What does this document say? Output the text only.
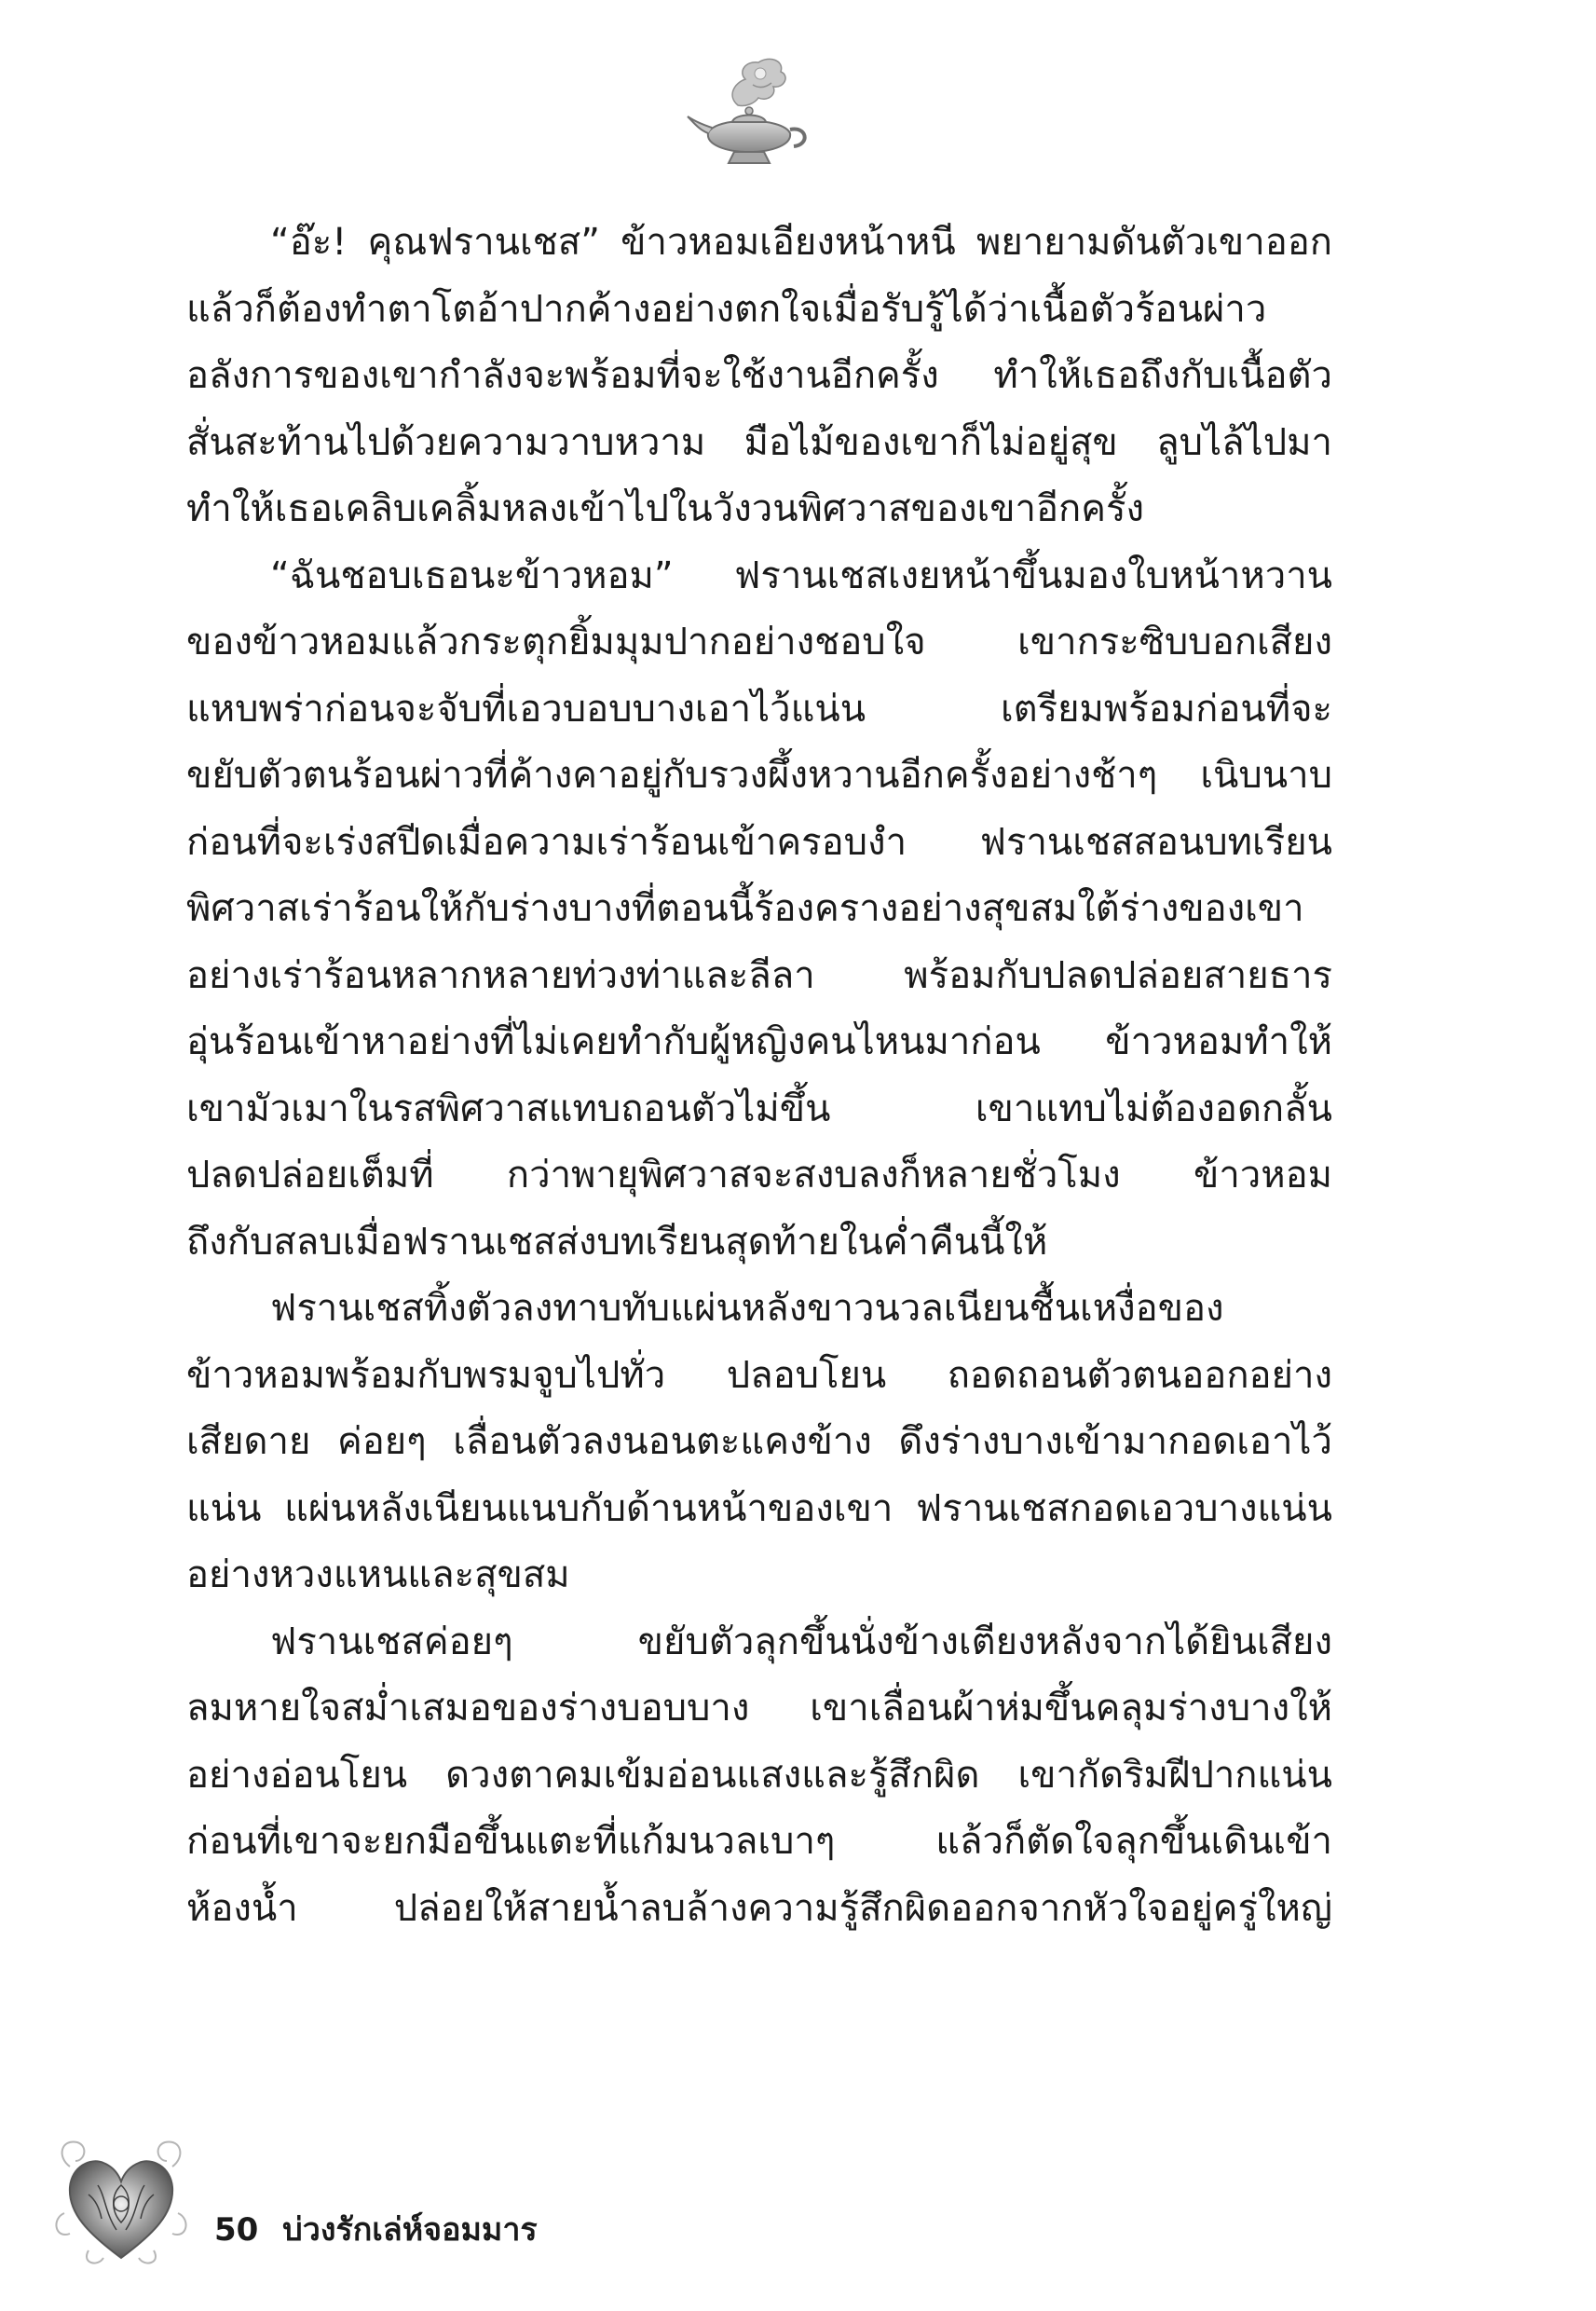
“อ๊ะ! คุณฟรานเชส” ข้าวหอมเอียงหน้าหนี พยายามดันตัวเขาออก
แล้วก็ต้องทำตาโตอ้าปากค้างอย่างตกใจเมื่อรับรู้ได้ว่าเนื้อตัวร้อนผ่าว
อลังการของเขากำลังจะพร้อมที่จะใช้งานอีกครั้ง ทำให้เธอถึงกับเนื้อตัว
สั่นสะท้านไปด้วยความวาบหวาม มือไม้ของเขาก็ไม่อยู่สุข ลูบไล้ไปมา
ทำให้เธอเคลิบเคลิ้มหลงเข้าไปในวังวนพิศวาสของเขาอีกครั้ง
“ฉันชอบเธอนะข้าวหอม” ฟรานเชสเงยหน้าขึ้นมองใบหน้าหวาน
ของข้าวหอมแล้วกระตุกยิ้มมุมปากอย่างชอบใจ เขากระซิบบอกเสียง
แหบพร่าก่อนจะจับที่เอวบอบบางเอาไว้แน่น เตรียมพร้อมก่อนที่จะ
ขยับตัวตนร้อนผ่าวที่ค้างคาอยู่กับรวงผึ้งหวานอีกครั้งอย่างช้าๆ เนิบนาบ
ก่อนที่จะเร่งสปีดเมื่อความเร่าร้อนเข้าครอบงำ ฟรานเชสสอนบทเรียน
พิศวาสเร่าร้อนให้กับร่างบางที่ตอนนี้ร้องครางอย่างสุขสมใต้ร่างของเขา
อย่างเร่าร้อนหลากหลายท่วงท่าและลีลา พร้อมกับปลดปล่อยสายธาร
อุ่นร้อนเข้าหาอย่างที่ไม่เคยทำกับผู้หญิงคนไหนมาก่อน ข้าวหอมทำให้
เขามัวเมาในรสพิศวาสแทบถอนตัวไม่ขึ้น เขาแทบไม่ต้องอดกลั้น
ปลดปล่อยเต็มที่ กว่าพายุพิศวาสจะสงบลงก็หลายชั่วโมง ข้าวหอม
ถึงกับสลบเมื่อฟรานเชสส่งบทเรียนสุดท้ายในค่ำคืนนี้ให้
ฟรานเชสทิ้งตัวลงทาบทับแผ่นหลังขาวนวลเนียนชื้นเหงื่อของ
ข้าวหอมพร้อมกับพรมจูบไปทั่ว ปลอบโยน ถอดถอนตัวตนออกอย่าง
เสียดาย ค่อยๆ เลื่อนตัวลงนอนตะแคงข้าง ดึงร่างบางเข้ามากอดเอาไว้
แน่น แผ่นหลังเนียนแนบกับด้านหน้าของเขา ฟรานเชสกอดเอวบางแน่น
อย่างหวงแหนและสุขสม
ฟรานเชสค่อยๆ ขยับตัวลุกขึ้นนั่งข้างเตียงหลังจากได้ยินเสียง
ลมหายใจสม่ำเสมอของร่างบอบบาง เขาเลื่อนผ้าห่มขึ้นคลุมร่างบางให้
อย่างอ่อนโยน ดวงตาคมเข้มอ่อนแสงและรู้สึกผิด เขากัดริมฝีปากแน่น
ก่อนที่เขาจะยกมือขึ้นแตะที่แก้มนวลเบาๆ แล้วก็ตัดใจลุกขึ้นเดินเข้า
ห้องน้ำ ปล่อยให้สายน้ำลบล้างความรู้สึกผิดออกจากหัวใจอยู่ครู่ใหญ่
50 บ่วงรักเล่ห์จอมมาร
